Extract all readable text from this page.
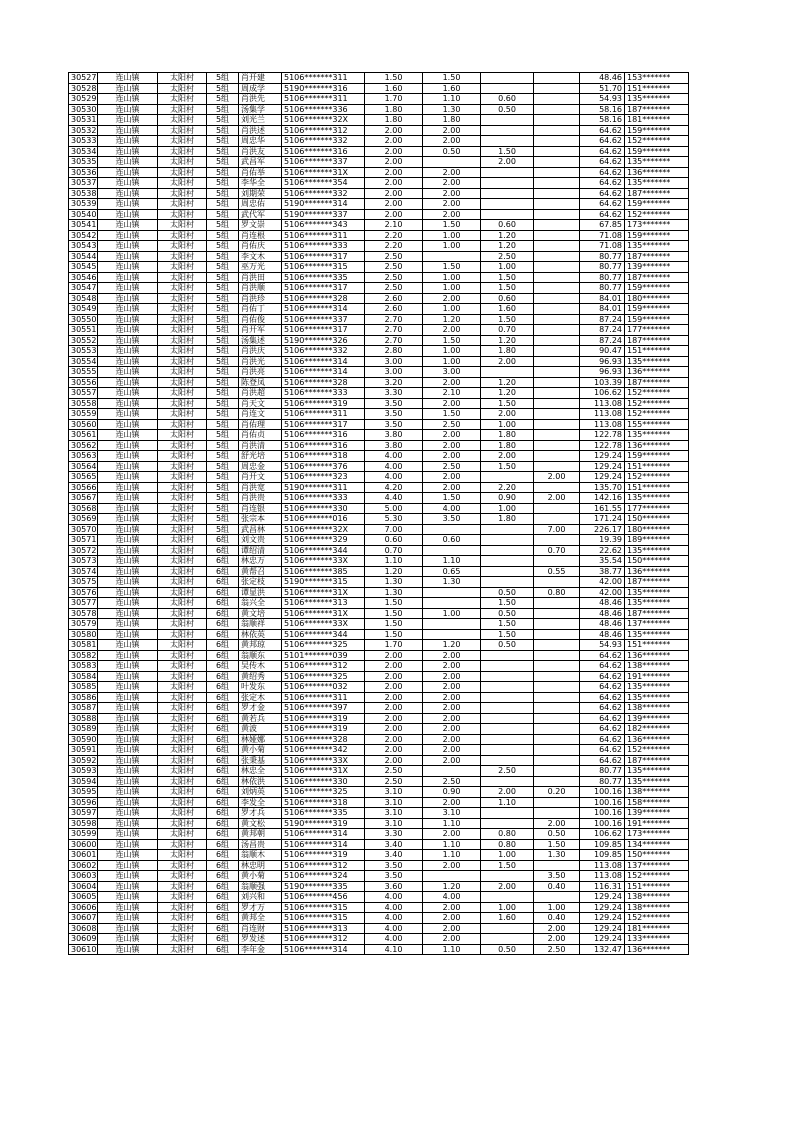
30527	连山镇	太阳村	5组	肖开建	5106*******311	1.50	1.50			48.46	153*******
30528	连山镇	太阳村	5组	周成学	5190*******316	1.60	1.60			51.70	151*******
30529	连山镇	太阳村	5组	肖洪先	5106*******311	1.70	1.10	0.60		54.93	135*******
30530	连山镇	太阳村	5组	汤集学	5106*******336	1.80	1.30	0.50		58.16	187*******
30531	连山镇	太阳村	5组	刘光兰	5106*******32X	1.80	1.80			58.16	181*******
30532	连山镇	太阳村	5组	肖洪述	5106*******312	2.00	2.00			64.62	159*******
30533	连山镇	太阳村	5组	周忠华	5106*******332	2.00	2.00			64.62	152*******
30534	连山镇	太阳村	5组	肖洪友	5106*******316	2.00	0.50	1.50		64.62	159*******
30535	连山镇	太阳村	5组	武昌军	5106*******337	2.00		2.00		64.62	135*******
30536	连山镇	太阳村	5组	肖佑举	5106*******31X	2.00	2.00			64.62	136*******
30537	连山镇	太阳村	5组	李华全	5106*******354	2.00	2.00			64.62	135*******
30538	连山镇	太阳村	5组	刘期荣	5106*******332	2.00	2.00			64.62	187*******
30539	连山镇	太阳村	5组	周忠佑	5190*******314	2.00	2.00			64.62	159*******
30540	连山镇	太阳村	5组	武代军	5190*******337	2.00	2.00			64.62	152*******
30541	连山镇	太阳村	5组	罗文崇	5106*******343	2.10	1.50	0.60		67.85	173*******
30542	连山镇	太阳村	5组	肖连根	5106*******311	2.20	1.00	1.20		71.08	159*******
30543	连山镇	太阳村	5组	肖佑庆	5106*******333	2.20	1.00	1.20		71.08	135*******
30544	连山镇	太阳村	5组	李文木	5106*******317	2.50		2.50		80.77	187*******
30545	连山镇	太阳村	5组	巫万光	5106*******315	2.50	1.50	1.00		80.77	139*******
30546	连山镇	太阳村	5组	肖洪田	5106*******335	2.50	1.00	1.50		80.77	187*******
30547	连山镇	太阳村	5组	肖洪顺	5106*******317	2.50	1.00	1.50		80.77	159*******
30548	连山镇	太阳村	5组	肖洪珍	5106*******328	2.60	2.00	0.60		84.01	180*******
30549	连山镇	太阳村	5组	肖佑丁	5106*******314	2.60	1.00	1.60		84.01	159*******
30550	连山镇	太阳村	5组	肖佑俊	5106*******337	2.70	1.20	1.50		87.24	159*******
30551	连山镇	太阳村	5组	肖开军	5106*******317	2.70	2.00	0.70		87.24	177*******
30552	连山镇	太阳村	5组	汤集述	5190*******326	2.70	1.50	1.20		87.24	187*******
30553	连山镇	太阳村	5组	肖洪庆	5106*******332	2.80	1.00	1.80		90.47	151*******
30554	连山镇	太阳村	5组	肖洪光	5106*******314	3.00	1.00	2.00		96.93	135*******
30555	连山镇	太阳村	5组	肖洪亮	5106*******314	3.00	3.00			96.93	136*******
30556	连山镇	太阳村	5组	陈登凤	5106*******328	3.20	2.00	1.20		103.39	187*******
30557	连山镇	太阳村	5组	肖洪超	5106*******333	3.30	2.10	1.20		106.62	152*******
30558	连山镇	太阳村	5组	肖天文	5106*******319	3.50	2.00	1.50		113.08	152*******
30559	连山镇	太阳村	5组	肖连文	5106*******311	3.50	1.50	2.00		113.08	152*******
30560	连山镇	太阳村	5组	肖佑理	5106*******317	3.50	2.50	1.00		113.08	155*******
30561	连山镇	太阳村	5组	肖佑贞	5106*******316	3.80	2.00	1.80		122.78	135*******
30562	连山镇	太阳村	5组	肖洪清	5106*******316	3.80	2.00	1.80		122.78	136*******
30563	连山镇	太阳村	5组	舒光培	5106*******318	4.00	2.00	2.00		129.24	159*******
30564	连山镇	太阳村	5组	周忠金	5106*******376	4.00	2.50	1.50		129.24	151*******
30565	连山镇	太阳村	5组	肖开文	5106*******323	4.00	2.00		2.00	129.24	152*******
30566	连山镇	太阳村	5组	肖洪宽	5190*******311	4.20	2.00	2.20		135.70	151*******
30567	连山镇	太阳村	5组	肖洪贵	5106*******333	4.40	1.50	0.90	2.00	142.16	135*******
30568	连山镇	太阳村	5组	肖连银	5106*******330	5.00	4.00	1.00		161.55	177*******
30569	连山镇	太阳村	5组	张宗本	5106*******016	5.30	3.50	1.80		171.24	150*******
30570	连山镇	太阳村	5组	武昌林	5106*******32X	7.00			7.00	226.17	180*******
30571	连山镇	太阳村	6组	刘文贵	5106*******329	0.60	0.60			19.39	189*******
30572	连山镇	太阳村	6组	谭绍清	5106*******344	0.70			0.70	22.62	135*******
30573	连山镇	太阳村	6组	林忠万	5106*******33X	1.10	1.10			35.54	150*******
30574	连山镇	太阳村	6组	黄帮召	5106*******385	1.20	0.65		0.55	38.77	136*******
30575	连山镇	太阳村	6组	张定枝	5190*******315	1.30	1.30			42.00	187*******
30576	连山镇	太阳村	6组	谭显洪	5106*******31X	1.30		0.50	0.80	42.00	135*******
30577	连山镇	太阳村	6组	翁兴全	5106*******313	1.50		1.50		48.46	135*******
30578	连山镇	太阳村	6组	黄文培	5106*******31X	1.50	1.00	0.50		48.46	187*******
30579	连山镇	太阳村	6组	翁顺祥	5106*******33X	1.50		1.50		48.46	137*******
30580	连山镇	太阳村	6组	林依英	5106*******344	1.50		1.50		48.46	135*******
30581	连山镇	太阳村	6组	黄邦琼	5106*******325	1.70	1.20	0.50		54.93	151*******
30582	连山镇	太阳村	6组	翁顺东	5101*******039	2.00	2.00			64.62	136*******
30583	连山镇	太阳村	6组	吴传木	5106*******312	2.00	2.00			64.62	138*******
30584	连山镇	太阳村	6组	黄绍秀	5106*******325	2.00	2.00			64.62	191*******
30585	连山镇	太阳村	6组	叶发东	5106*******032	2.00	2.00			64.62	135*******
30586	连山镇	太阳村	6组	张定木	5106*******311	2.00	2.00			64.62	135*******
30587	连山镇	太阳村	6组	罗才金	5106*******397	2.00	2.00			64.62	138*******
30588	连山镇	太阳村	6组	黄若兵	5106*******319	2.00	2.00			64.62	139*******
30589	连山镇	太阳村	6组	黄波	5106*******319	2.00	2.00			64.62	182*******
30590	连山镇	太阳村	6组	林娅娜	5106*******328	2.00	2.00			64.62	136*******
30591	连山镇	太阳村	6组	黄小菊	5106*******342	2.00	2.00			64.62	152*******
30592	连山镇	太阳村	6组	张秉基	5106*******33X	2.00	2.00			64.62	187*******
30593	连山镇	太阳村	6组	林忠全	5106*******31X	2.50		2.50		80.77	135*******
30594	连山镇	太阳村	6组	林依洪	5106*******330	2.50	2.50			80.77	135*******
30595	连山镇	太阳村	6组	刘炳英	5106*******325	3.10	0.90	2.00	0.20	100.16	138*******
30596	连山镇	太阳村	6组	李发全	5106*******318	3.10	2.00	1.10		100.16	158*******
30597	连山镇	太阳村	6组	罗才兵	5106*******335	3.10	3.10			100.16	139*******
30598	连山镇	太阳村	6组	黄文松	5190*******319	3.10	1.10		2.00	100.16	191*******
30599	连山镇	太阳村	6组	黄邦朝	5106*******314	3.30	2.00	0.80	0.50	106.62	173*******
30600	连山镇	太阳村	6组	汤昌贵	5106*******314	3.40	1.10	0.80	1.50	109.85	134*******
30601	连山镇	太阳村	6组	翁顺木	5106*******319	3.40	1.10	1.00	1.30	109.85	150*******
30602	连山镇	太阳村	6组	林忠明	5106*******312	3.50	2.00	1.50		113.08	137*******
30603	连山镇	太阳村	6组	黄小菊	5106*******324	3.50			3.50	113.08	152*******
30604	连山镇	太阳村	6组	翁顺强	5190*******335	3.60	1.20	2.00	0.40	116.31	151*******
30605	连山镇	太阳村	6组	刘兴和	5106*******456	4.00	4.00			129.24	138*******
30606	连山镇	太阳村	6组	罗才万	5106*******315	4.00	2.00	1.00	1.00	129.24	138*******
30607	连山镇	太阳村	6组	黄邦全	5106*******315	4.00	2.00	1.60	0.40	129.24	152*******
30608	连山镇	太阳村	6组	肖连财	5106*******313	4.00	2.00		2.00	129.24	181*******
30609	连山镇	太阳村	6组	罗发述	5106*******312	4.00	2.00		2.00	129.24	133*******
30610	连山镇	太阳村	6组	李年金	5106*******314	4.10	1.10	0.50	2.50	132.47	136*******
